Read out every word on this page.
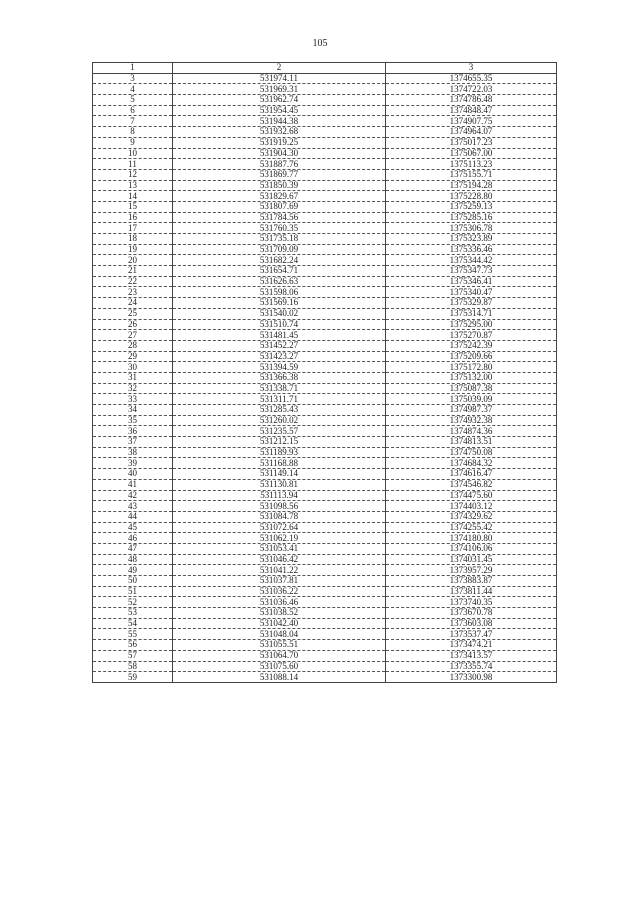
105
1	2	3
3	531974.11	1374655.35
4	531969.31	1374722.03
5	531962.74	1374786.48
6	531954.45	1374848.47
7	531944.38	1374907.75
8	531932.68	1374964.07
9	531919.25	1375017.23
10	531904.30	1375067.00
11	531887.76	1375113.23
12	531869.77	1375155.71
13	531850.39	1375194.28
14	531829.67	1375228.80
15	531807.69	1375259.13
16	531784.56	1375285.16
17	531760.35	1375306.78
18	531735.18	1375323.89
19	531709.09	1375336.46
20	531682.24	1375344.42
21	531654.71	1375347.73
22	531626.63	1375346.41
23	531598.06	1375340.47
24	531569.16	1375329.87
25	531540.02	1375314.71
26	531510.74	1375295.00
27	531481.45	1375270.87
28	531452.27	1375242.39
29	531423.27	1375209.66
30	531394.59	1375172.80
31	531366.38	1375132.00
32	531338.71	1375087.38
33	531311.71	1375039.09
34	531285.43	1374987.37
35	531260.02	1374932.38
36	531235.57	1374874.36
37	531212.15	1374813.51
38	531189.93	1374750.08
39	531168.88	1374684.32
40	531149.14	1374616.47
41	531130.81	1374546.82
42	531113.94	1374475.60
43	531098.56	1374403.12
44	531084.78	1374329.62
45	531072.64	1374255.42
46	531062.19	1374180.80
47	531053.41	1374106.06
48	531046.42	1374031.45
49	531041.22	1373957.29
50	531037.81	1373883.87
51	531036.22	1373811.44
52	531036.46	1373740.35
53	531038.52	1373670.78
54	531042.40	1373603.08
55	531048.04	1373537.47
56	531055.51	1373474.21
57	531064.70	1373413.57
58	531075.60	1373355.74
59	531088.14	1373300.98
